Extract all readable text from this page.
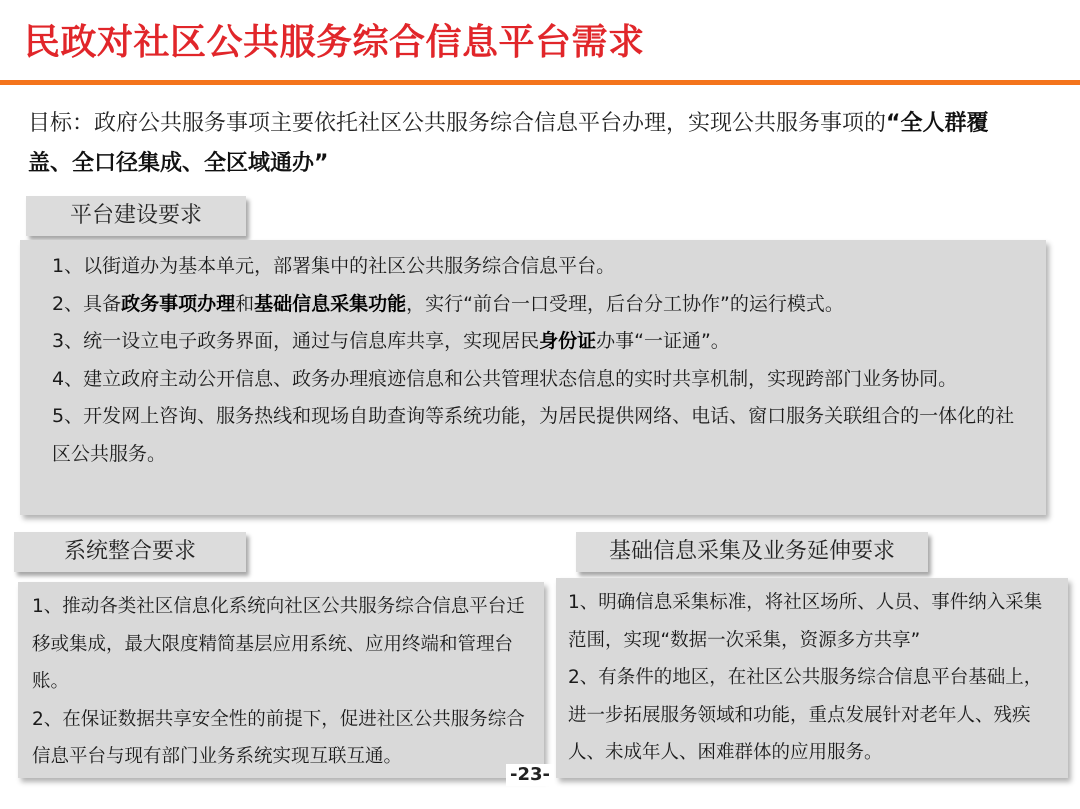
民政对社区公共服务综合信息平台需求
目标：政府公共服务事项主要依托社区公共服务综合信息平台办理，实现公共服务事项的“全人群覆盖、全口径集成、全区域通办”
平台建设要求

1、以街道办为基本单元，部署集中的社区公共服务综合信息平台。

2、具备政务事项办理和基础信息采集功能，实行“前台一口受理，后台分工协作”的运行模式。

3、统一设立电子政务界面，通过与信息库共享，实现居民身份证办事“一证通”。

4、建立政府主动公开信息、政务办理痕迹信息和公共管理状态信息的实时共享机制，实现跨部门业务协同。

5、开发网上咨询、服务热线和现场自助查询等系统功能，为居民提供网络、电话、窗口服务关联组合的一体化的社区公共服务。

系统整合要求

1、推动各类社区信息化系统向社区公共服务综合信息平台迁移或集成，最大限度精简基层应用系统、应用终端和管理台账。

2、在保证数据共享安全性的前提下，促进社区公共服务综合信息平台与现有部门业务系统实现互联互通。

基础信息采集及业务延伸要求

1、明确信息采集标准，将社区场所、人员、事件纳入采集范围，实现“数据一次采集，资源多方共享”

2、有条件的地区，在社区公共服务综合信息平台基础上，进一步拓展服务领域和功能，重点发展针对老年人、残疾人、未成年人、困难群体的应用服务。

-23-
